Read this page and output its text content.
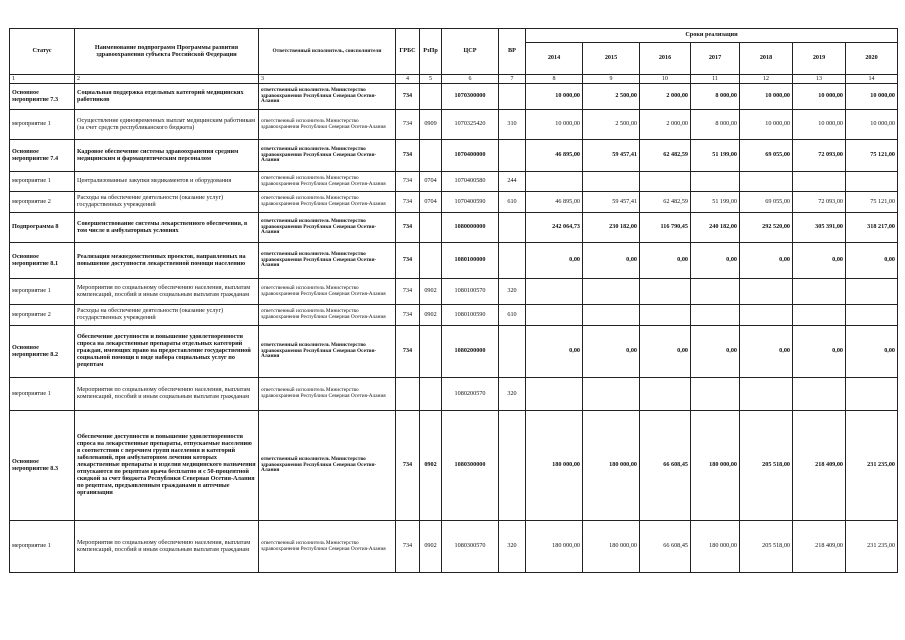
Статус	Наименование подпрограмм Программы развития здравоохранения субъекта Российской Федерации	Ответственный исполнитель, соисполнители	ГРБС	РзПр	ЦСР	ВР	Сроки реализации						
							2014	2015	2016	2017	2018	2019	2020
1	2	3	4	5	6	7	8	9	10	11	12	13	14
Основное мероприятие 7.3	Социальная поддержка отдельных категорий медицинских работников	ответственный исполнитель Министерство здравоохранения Республики Северная Осетия-Алания	734		1070300000		10 000,00	2 500,00	2 000,00	8 000,00	10 000,00	10 000,00	10 000,00
мероприятие 1	Осуществление единовременных выплат медицинским работникам (за счет средств республиканского бюджета)	ответственный исполнитель Министерство здравоохранения Республики Северная Осетия-Алания	734	0909	1070325420	310	10 000,00	2 500,00	2 000,00	8 000,00	10 000,00	10 000,00	10 000,00
Основное мероприятие 7.4	Кадровое обеспечение системы здравоохранения средним медицинским и фармацевтическим персоналом	ответственный исполнитель Министерство здравоохранения Республики Северная Осетия-Алания	734		1070400000		46 895,00	59 457,41	62 482,59	51 199,00	69 055,00	72 093,00	75 121,00
мероприятие 1	Централизованные закупки медикаментов и оборудования	ответственный исполнитель Министерство здравоохранения Республики Северная Осетия-Алания	734	0704	1070400580	244							
мероприятие 2	Расходы на обеспечение деятельности (оказание услуг) государственных учреждений	ответственный исполнитель Министерство здравоохранения Республики Северная Осетия-Алания	734	0704	1070400590	610	46 895,00	59 457,41	62 482,59	51 199,00	69 055,00	72 093,00	75 121,00
Подпрограмма 8	Совершенствование системы лекарственного обеспечения, в том числе в амбулаторных условиях	ответственный исполнитель Министерство здравоохранения Республики Северная Осетия-Алания	734		1080000000		242 064,73	230 182,00	116 790,45	240 182,00	292 520,00	305 391,00	318 217,00
Основное мероприятие 8.1	Реализация межведомственных проектов, направленных на повышение доступности лекарственной помощи населению	ответственный исполнитель Министерство здравоохранения Республики Северная Осетия-Алания	734		1080100000		0,00	0,00	0,00	0,00	0,00	0,00	0,00
мероприятие 1	Мероприятия по социальному обеспечению населения, выплатам компенсаций, пособий и иным социальным выплатам гражданам	ответственный исполнитель Министерство здравоохранения Республики Северная Осетия-Алания	734	0902	1080100570	320							
мероприятие 2	Расходы на обеспечение деятельности (оказание услуг) государственных учреждений	ответственный исполнитель Министерство здравоохранения Республики Северная Осетия-Алания	734	0902	1080100590	610							
Основное мероприятие 8.2	Обеспечение доступности и повышение удовлетворенности спроса на лекарственные препараты отдельных категорий граждан, имеющих право на предоставление государственной социальной помощи в виде набора социальных услуг по рецептам	ответственный исполнитель Министерство здравоохранения Республики Северная Осетия-Алания	734		1080200000		0,00	0,00	0,00	0,00	0,00	0,00	0,00
мероприятие 1	Мероприятия по социальному обеспечению населения, выплатам компенсаций, пособий и иным социальным выплатам гражданам	ответственный исполнитель Министерство здравоохранения Республики Северная Осетия-Алания			1080200570	320							
Основное мероприятие 8.3	Обеспечение доступности и повышение удовлетворенности спроса на лекарственные препараты, отпускаемые населению в соответствии с перечнем групп населения и категорий заболеваний, при амбулаторном лечении которых лекарственные препараты и изделия медицинского назначения отпускаются по рецептам врача бесплатно и с 50-процентной скидкой за счет бюджета Республики Северная Осетия-Алания по рецептам, предъявленным гражданами в аптечные организации	ответственный исполнитель Министерство здравоохранения Республики Северная Осетия-Алания	734	0902	1080300000		180 000,00	180 000,00	66 608,45	180 000,00	205 518,00	218 409,00	231 235,00
мероприятие 1	Мероприятия по социальному обеспечению населения, выплатам компенсаций, пособий и иным социальным выплатам гражданам	ответственный исполнитель Министерство здравоохранения Республики Северная Осетия-Алания	734	0902	1080300570	320	180 000,00	180 000,00	66 608,45	180 000,00	205 518,00	218 409,00	231 235,00
